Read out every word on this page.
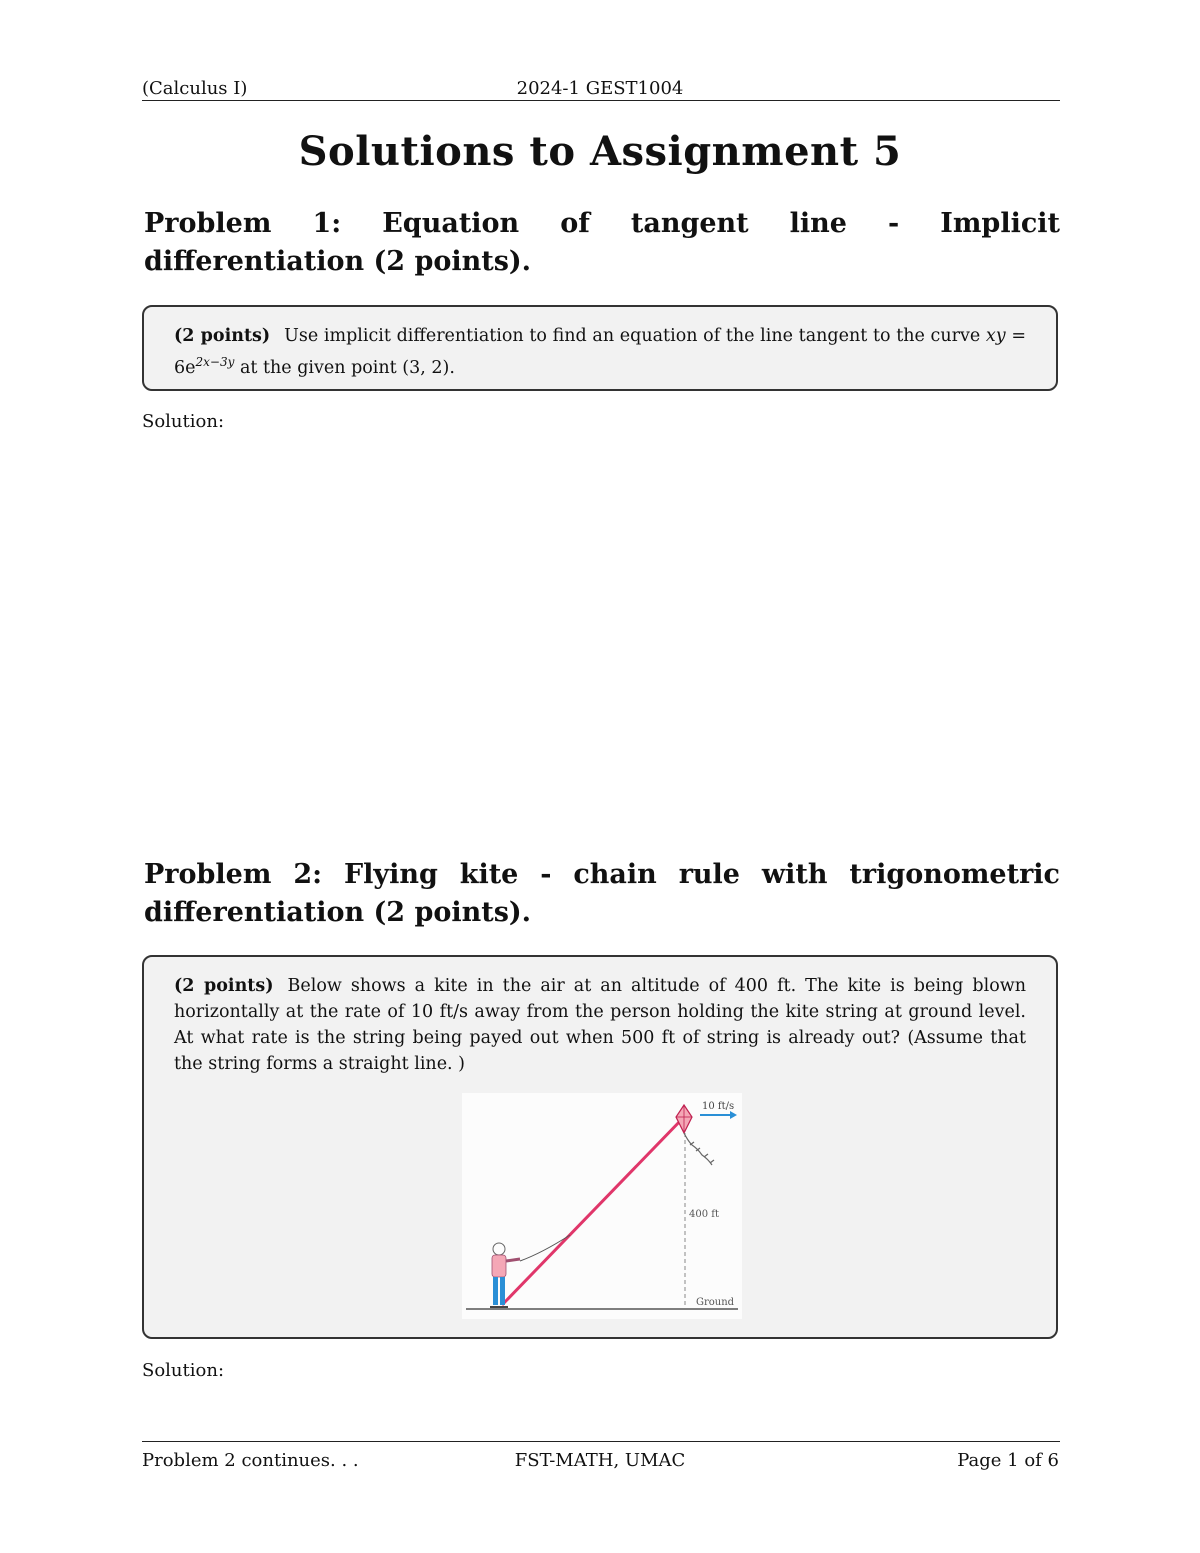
(Calculus I)	2024-1 GEST1004
Solutions to Assignment 5
Problem 1: Equation of tangent line - Implicit differentiation (2 points).
(2 points) Use implicit differentiation to find an equation of the line tangent to the curve xy = $6e^{2x-3y}$ at the given point (3, 2).
Solution:
Problem 2: Flying kite - chain rule with trigonometric differentiation (2 points).
(2 points) Below shows a kite in the air at an altitude of 400 ft. The kite is being blown horizontally at the rate of 10 ft/s away from the person holding the kite string at ground level. At what rate is the string being payed out when 500 ft of string is already out? (Assume that the string forms a straight line. )
10 ft/s
400 ft
Ground
Solution:
Problem 2 continues. . .	FST-MATH, UMAC	Page 1 of 6
